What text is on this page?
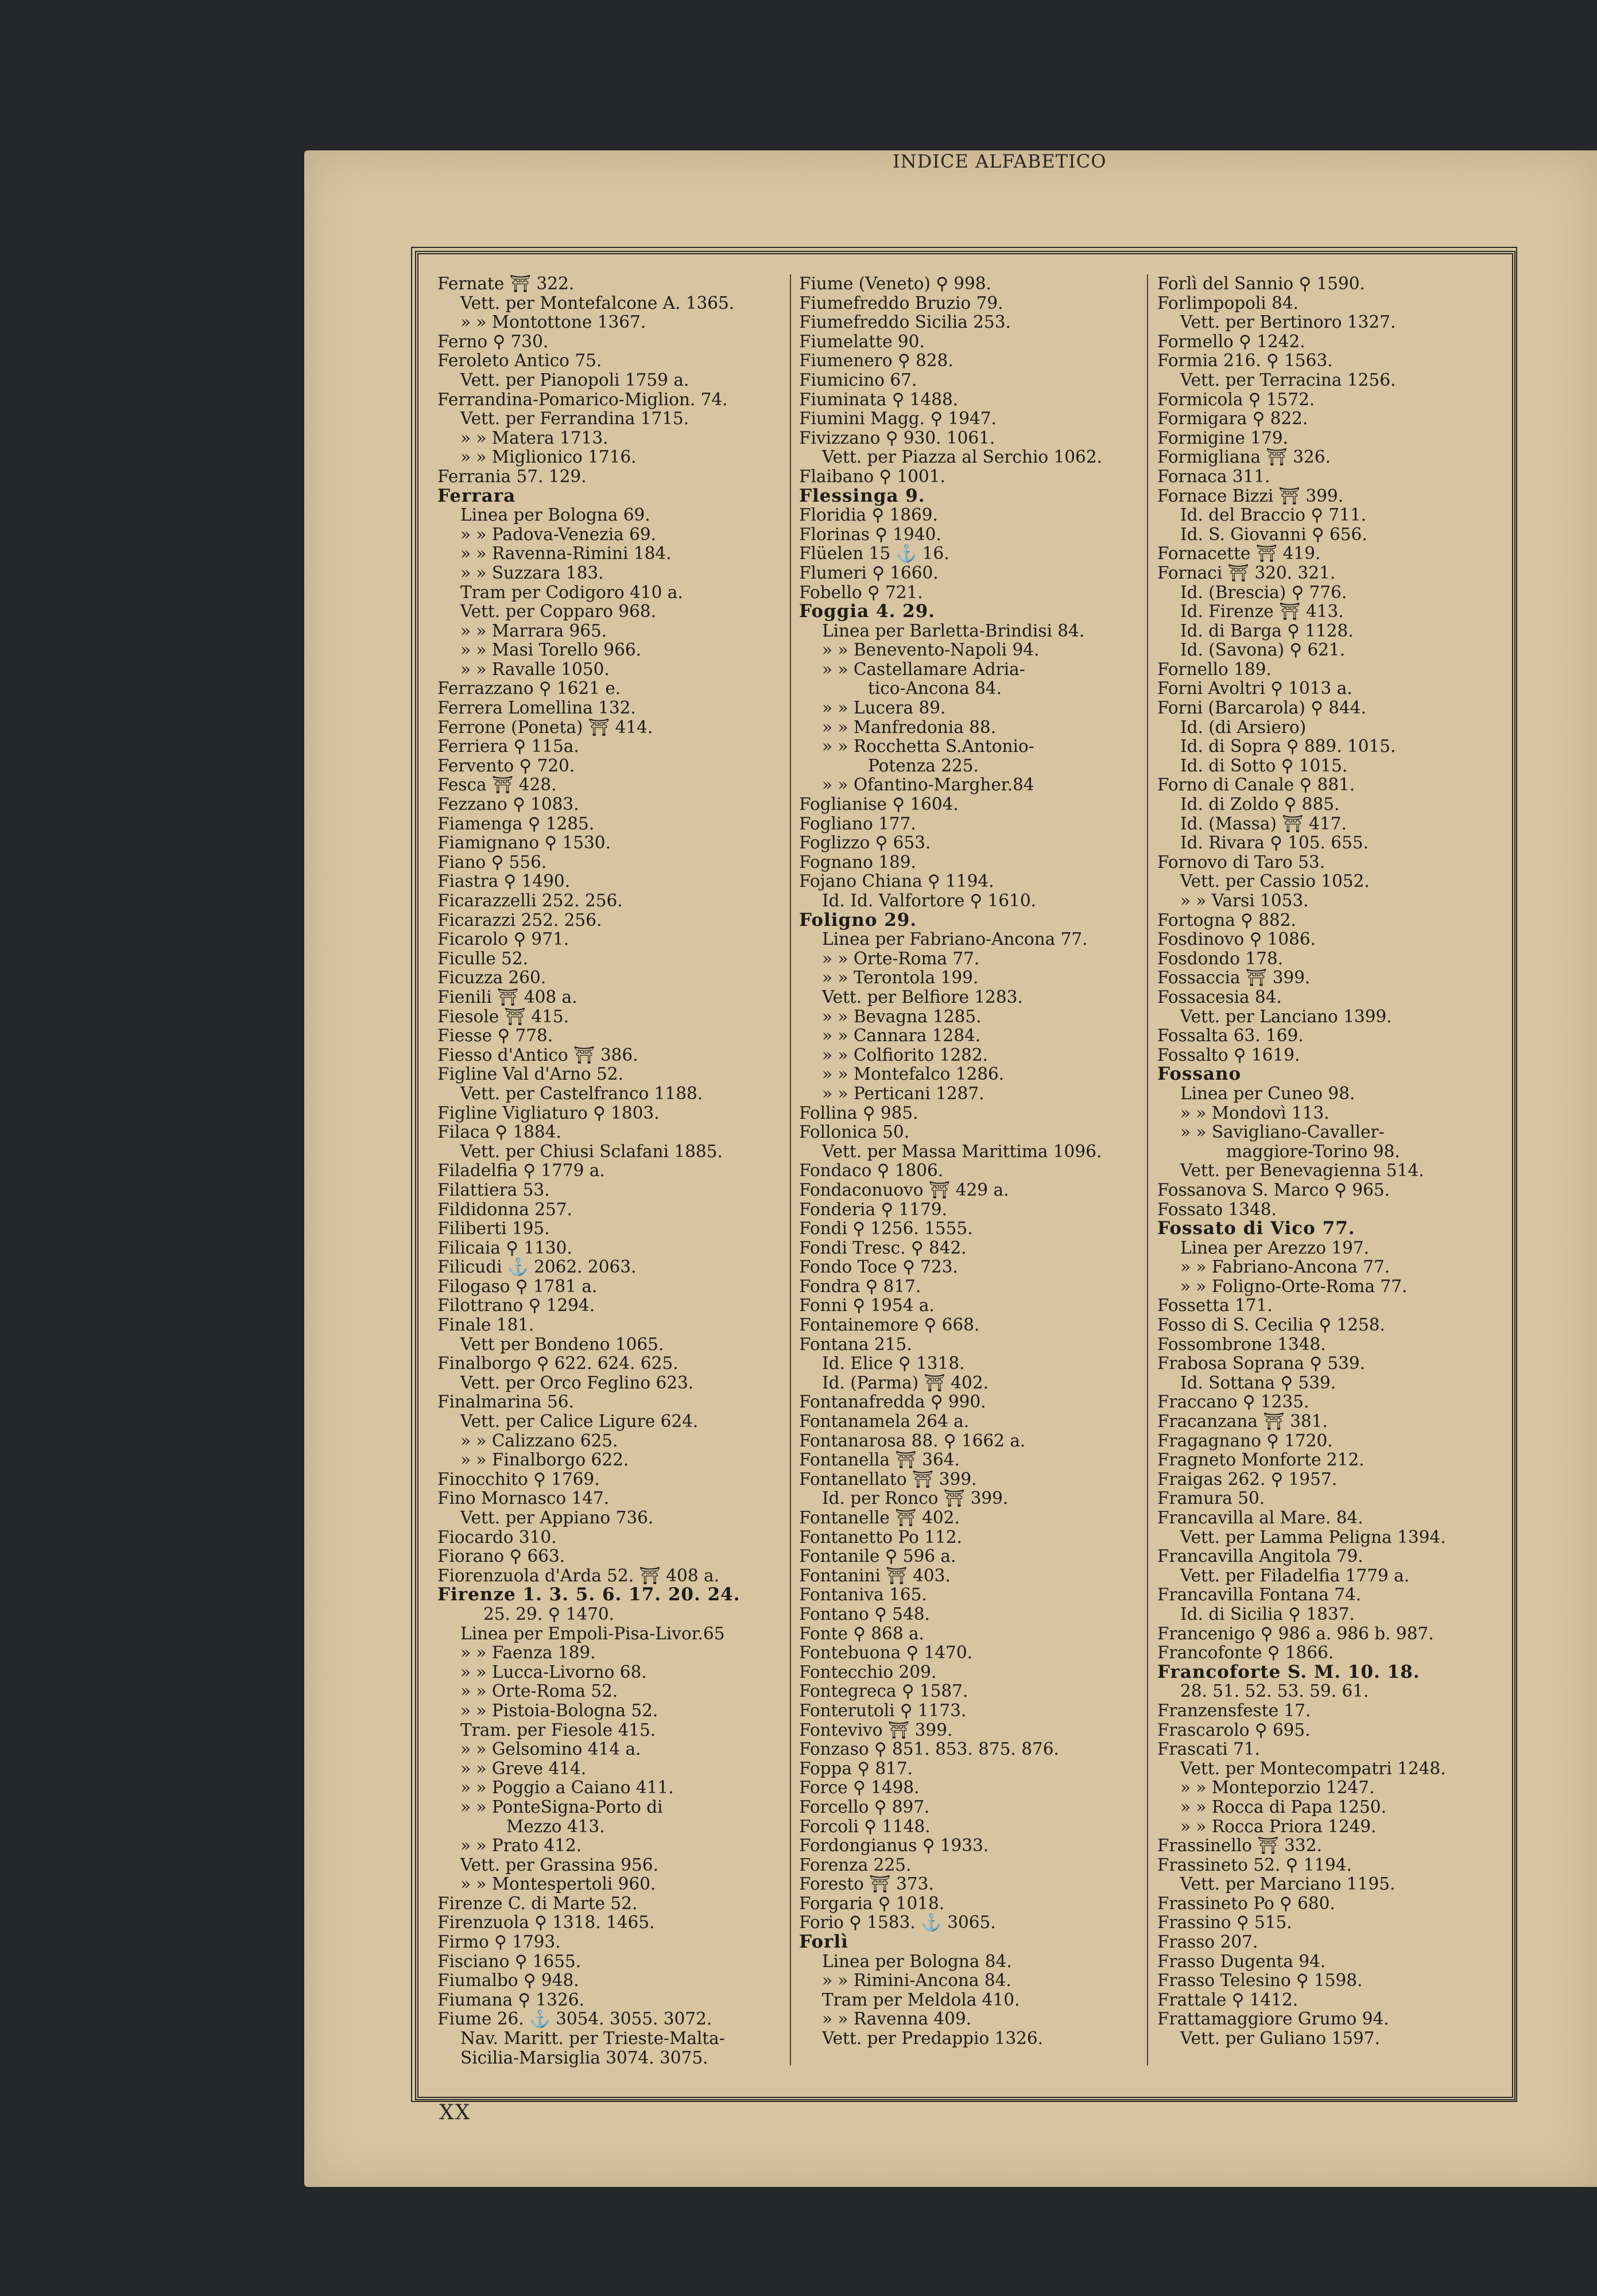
INDICE ALFABETICO
Fernate ⛩ 322.
Vett. per Montefalcone A. 1365.
» » Montottone 1367.
Ferno ⚲ 730.
Feroleto Antico 75.
Vett. per Pianopoli 1759 a.
Ferrandina-Pomarico-Miglion. 74.
Vett. per Ferrandina 1715.
» » Matera 1713.
» » Miglionico 1716.
Ferrania 57. 129.
Ferrara
Linea per Bologna 69.
» » Padova-Venezia 69.
» » Ravenna-Rimini 184.
» » Suzzara 183.
Tram per Codigoro 410 a.
Vett. per Copparo 968.
» » Marrara 965.
» » Masi Torello 966.
» » Ravalle 1050.
Ferrazzano ⚲ 1621 e.
Ferrera Lomellina 132.
Ferrone (Poneta) ⛩ 414.
Ferriera ⚲ 115a.
Fervento ⚲ 720.
Fesca ⛩ 428.
Fezzano ⚲ 1083.
Fiamenga ⚲ 1285.
Fiamignano ⚲ 1530.
Fiano ⚲ 556.
Fiastra ⚲ 1490.
Ficarazzelli 252. 256.
Ficarazzi 252. 256.
Ficarolo ⚲ 971.
Ficulle 52.
Ficuzza 260.
Fienili ⛩ 408 a.
Fiesole ⛩ 415.
Fiesse ⚲ 778.
Fiesso d'Antico ⛩ 386.
Figline Val d'Arno 52.
Vett. per Castelfranco 1188.
Figline Vigliaturo ⚲ 1803.
Filaca ⚲ 1884.
Vett. per Chiusi Sclafani 1885.
Filadelfia ⚲ 1779 a.
Filattiera 53.
Fildidonna 257.
Filiberti 195.
Filicaia ⚲ 1130.
Filicudi ⚓ 2062. 2063.
Filogaso ⚲ 1781 a.
Filottrano ⚲ 1294.
Finale 181.
Vett per Bondeno 1065.
Finalborgo ⚲ 622. 624. 625.
Vett. per Orco Feglino 623.
Finalmarina 56.
Vett. per Calice Ligure 624.
» » Calizzano 625.
» » Finalborgo 622.
Finocchito ⚲ 1769.
Fino Mornasco 147.
Vett. per Appiano 736.
Fiocardo 310.
Fiorano ⚲ 663.
Fiorenzuola d'Arda 52. ⛩ 408 a.
Firenze 1. 3. 5. 6. 17. 20. 24.
25. 29. ⚲ 1470.
Linea per Empoli-Pisa-Livor.65
» » Faenza 189.
» » Lucca-Livorno 68.
» » Orte-Roma 52.
» » Pistoia-Bologna 52.
Tram. per Fiesole 415.
» » Gelsomino 414 a.
» » Greve 414.
» » Poggio a Caiano 411.
» » PonteSigna-Porto di
Mezzo 413.
» » Prato 412.
Vett. per Grassina 956.
» » Montespertoli 960.
Firenze C. di Marte 52.
Firenzuola ⚲ 1318. 1465.
Firmo ⚲ 1793.
Fisciano ⚲ 1655.
Fiumalbo ⚲ 948.
Fiumana ⚲ 1326.
Fiume 26. ⚓ 3054. 3055. 3072.
Nav. Maritt. per Trieste-Malta-
Sicilia-Marsiglia 3074. 3075.
Fiume (Veneto) ⚲ 998.
Fiumefreddo Bruzio 79.
Fiumefreddo Sicilia 253.
Fiumelatte 90.
Fiumenero ⚲ 828.
Fiumicino 67.
Fiuminata ⚲ 1488.
Fiumini Magg. ⚲ 1947.
Fivizzano ⚲ 930. 1061.
Vett. per Piazza al Serchio 1062.
Flaibano ⚲ 1001.
Flessinga 9.
Floridia ⚲ 1869.
Florinas ⚲ 1940.
Flüelen 15 ⚓ 16.
Flumeri ⚲ 1660.
Fobello ⚲ 721.
Foggia 4. 29.
Linea per Barletta-Brindisi 84.
» » Benevento-Napoli 94.
» » Castellamare Adria-
tico-Ancona 84.
» » Lucera 89.
» » Manfredonia 88.
» » Rocchetta S.Antonio-
Potenza 225.
» » Ofantino-Margher.84
Foglianise ⚲ 1604.
Fogliano 177.
Foglizzo ⚲ 653.
Fognano 189.
Fojano Chiana ⚲ 1194.
Id. Id. Valfortore ⚲ 1610.
Foligno 29.
Linea per Fabriano-Ancona 77.
» » Orte-Roma 77.
» » Terontola 199.
Vett. per Belfiore 1283.
» » Bevagna 1285.
» » Cannara 1284.
» » Colfiorito 1282.
» » Montefalco 1286.
» » Perticani 1287.
Follina ⚲ 985.
Follonica 50.
Vett. per Massa Marittima 1096.
Fondaco ⚲ 1806.
Fondaconuovo ⛩ 429 a.
Fonderia ⚲ 1179.
Fondi ⚲ 1256. 1555.
Fondi Tresc. ⚲ 842.
Fondo Toce ⚲ 723.
Fondra ⚲ 817.
Fonni ⚲ 1954 a.
Fontainemore ⚲ 668.
Fontana 215.
Id. Elice ⚲ 1318.
Id. (Parma) ⛩ 402.
Fontanafredda ⚲ 990.
Fontanamela 264 a.
Fontanarosa 88. ⚲ 1662 a.
Fontanella ⛩ 364.
Fontanellato ⛩ 399.
Id. per Ronco ⛩ 399.
Fontanelle ⛩ 402.
Fontanetto Po 112.
Fontanile ⚲ 596 a.
Fontanini ⛩ 403.
Fontaniva 165.
Fontano ⚲ 548.
Fonte ⚲ 868 a.
Fontebuona ⚲ 1470.
Fontecchio 209.
Fontegreca ⚲ 1587.
Fonterutoli ⚲ 1173.
Fontevivo ⛩ 399.
Fonzaso ⚲ 851. 853. 875. 876.
Foppa ⚲ 817.
Force ⚲ 1498.
Forcello ⚲ 897.
Forcoli ⚲ 1148.
Fordongianus ⚲ 1933.
Forenza 225.
Foresto ⛩ 373.
Forgaria ⚲ 1018.
Forio ⚲ 1583. ⚓ 3065.
Forlì
Linea per Bologna 84.
» » Rimini-Ancona 84.
Tram per Meldola 410.
» » Ravenna 409.
Vett. per Predappio 1326.
Forlì del Sannio ⚲ 1590.
Forlimpopoli 84.
Vett. per Bertinoro 1327.
Formello ⚲ 1242.
Formia 216. ⚲ 1563.
Vett. per Terracina 1256.
Formicola ⚲ 1572.
Formigara ⚲ 822.
Formigine 179.
Formigliana ⛩ 326.
Fornaca 311.
Fornace Bizzi ⛩ 399.
Id. del Braccio ⚲ 711.
Id. S. Giovanni ⚲ 656.
Fornacette ⛩ 419.
Fornaci ⛩ 320. 321.
Id. (Brescia) ⚲ 776.
Id. Firenze ⛩ 413.
Id. di Barga ⚲ 1128.
Id. (Savona) ⚲ 621.
Fornello 189.
Forni Avoltri ⚲ 1013 a.
Forni (Barcarola) ⚲ 844.
Id. (di Arsiero)
Id. di Sopra ⚲ 889. 1015.
Id. di Sotto ⚲ 1015.
Forno di Canale ⚲ 881.
Id. di Zoldo ⚲ 885.
Id. (Massa) ⛩ 417.
Id. Rivara ⚲ 105. 655.
Fornovo di Taro 53.
Vett. per Cassio 1052.
» » Varsi 1053.
Fortogna ⚲ 882.
Fosdinovo ⚲ 1086.
Fosdondo 178.
Fossaccia ⛩ 399.
Fossacesia 84.
Vett. per Lanciano 1399.
Fossalta 63. 169.
Fossalto ⚲ 1619.
Fossano
Linea per Cuneo 98.
» » Mondovì 113.
» » Savigliano-Cavaller-
maggiore-Torino 98.
Vett. per Benevagienna 514.
Fossanova S. Marco ⚲ 965.
Fossato 1348.
Fossato di Vico 77.
Linea per Arezzo 197.
» » Fabriano-Ancona 77.
» » Foligno-Orte-Roma 77.
Fossetta 171.
Fosso di S. Cecilia ⚲ 1258.
Fossombrone 1348.
Frabosa Soprana ⚲ 539.
Id. Sottana ⚲ 539.
Fraccano ⚲ 1235.
Fracanzana ⛩ 381.
Fragagnano ⚲ 1720.
Fragneto Monforte 212.
Fraigas 262. ⚲ 1957.
Framura 50.
Francavilla al Mare. 84.
Vett. per Lamma Peligna 1394.
Francavilla Angitola 79.
Vett. per Filadelfia 1779 a.
Francavilla Fontana 74.
Id. di Sicilia ⚲ 1837.
Francenigo ⚲ 986 a. 986 b. 987.
Francofonte ⚲ 1866.
Francoforte S. M. 10. 18.
28. 51. 52. 53. 59. 61.
Franzensfeste 17.
Frascarolo ⚲ 695.
Frascati 71.
Vett. per Montecompatri 1248.
» » Monteporzio 1247.
» » Rocca di Papa 1250.
» » Rocca Priora 1249.
Frassinello ⛩ 332.
Frassineto 52. ⚲ 1194.
Vett. per Marciano 1195.
Frassineto Po ⚲ 680.
Frassino ⚲ 515.
Frasso 207.
Frasso Dugenta 94.
Frasso Telesino ⚲ 1598.
Frattale ⚲ 1412.
Frattamaggiore Grumo 94.
Vett. per Guliano 1597.
XX
